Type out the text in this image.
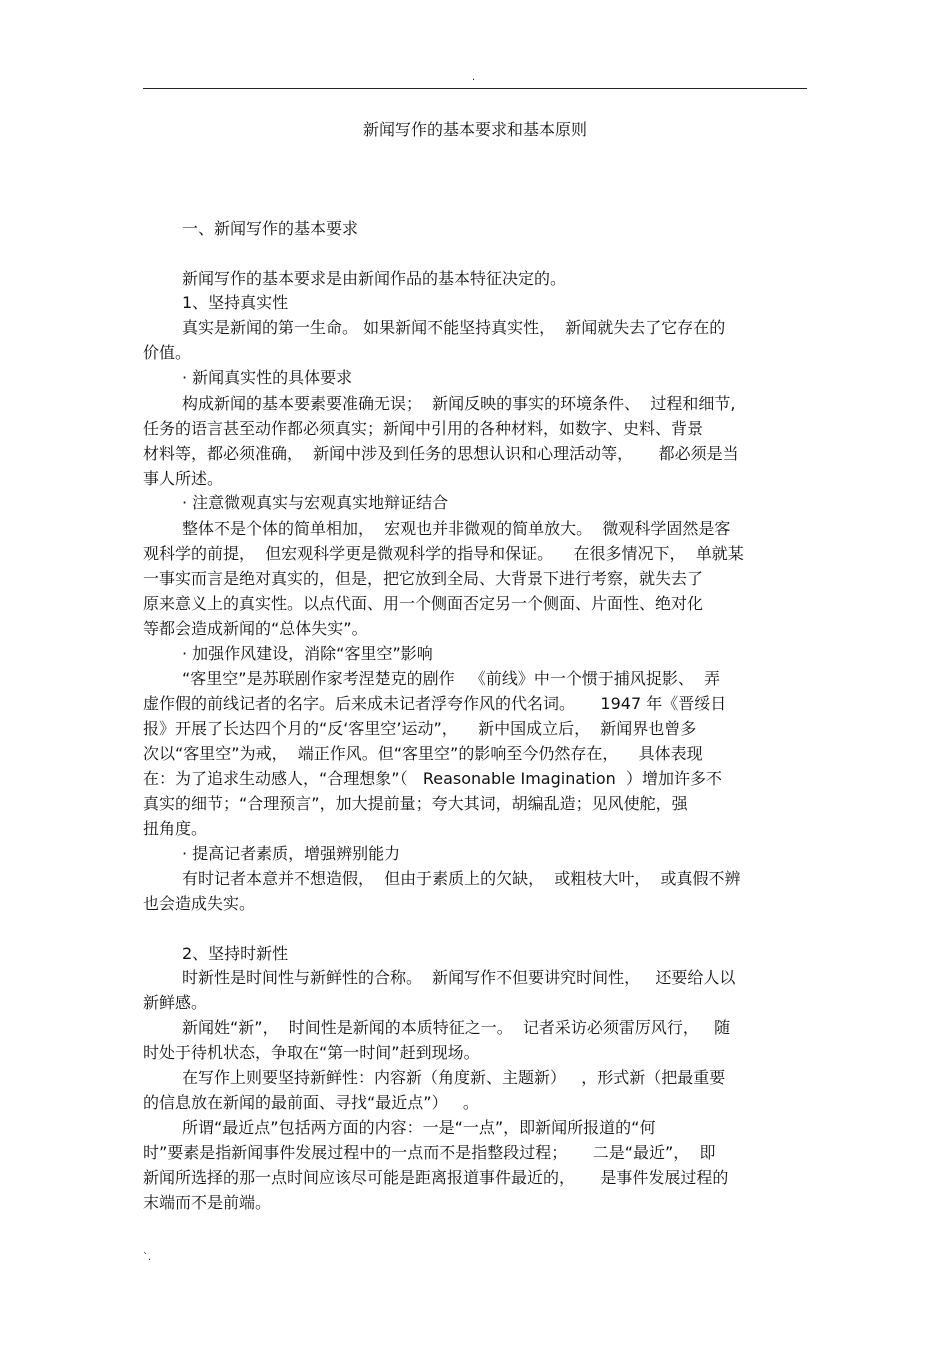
.
新闻写作的基本要求和基本原则
一、新闻写作的基本要求
新闻写作的基本要求是由新闻作品的基本特征决定的。
1、坚持真实性
真实是新闻的第一生命。 如果新闻不能坚持真实性，  新闻就失去了它存在的
价值。
· 新闻真实性的具体要求
构成新闻的基本要素要准确无误；  新闻反映的事实的环境条件、  过程和细节,
任务的语言甚至动作都必须真实；新闻中引用的各种材料，如数字、史料、背景
材料等，都必须准确，  新闻中涉及到任务的思想认识和心理活动等，     都必须是当
事人所述。
· 注意微观真实与宏观真实地辩证结合
整体不是个体的简单相加，  宏观也并非微观的简单放大。  微观科学固然是客
观科学的前提，  但宏观科学更是微观科学的指导和保证。    在很多情况下，  单就某
一事实而言是绝对真实的，但是，把它放到全局、大背景下进行考察，就失去了
原来意义上的真实性。以点代面、用一个侧面否定另一个侧面、片面性、绝对化
等都会造成新闻的“总体失实”。
· 加强作风建设，消除“客里空”影响
“客里空”是苏联剧作家考涅楚克的剧作   《前线》中一个惯于捕风捉影、  弄
虚作假的前线记者的名字。后来成未记者浮夸作风的代名词。     1947 年《晋绥日
报》开展了长达四个月的“反‘客里空’运动”，    新中国成立后，  新闻界也曾多
次以“客里空”为戒，  端正作风。但“客里空”的影响至今仍然存在，    具体表现
在：为了追求生动感人，“合理想象”（   Reasonable Imagination  ）增加许多不
真实的细节；“合理预言”，加大提前量；夸大其词，胡编乱造；见风使舵，强
扭角度。
· 提高记者素质，增强辨别能力
有时记者本意并不想造假，  但由于素质上的欠缺，  或粗枝大叶，  或真假不辨
也会造成失实。
2、坚持时新性
时新性是时间性与新鲜性的合称。  新闻写作不但要讲究时间性，   还要给人以
新鲜感。
新闻姓“新”，  时间性是新闻的本质特征之一。  记者采访必须雷厉风行，   随
时处于待机状态，争取在“第一时间”赶到现场。
在写作上则要坚持新鲜性：内容新（角度新、主题新）   ，形式新（把最重要
的信息放在新闻的最前面、寻找“最近点”）   。
所谓“最近点”包括两方面的内容：一是“一点”，即新闻所报道的“何
时”要素是指新闻事件发展过程中的一点而不是指整段过程；     二是“最近”，  即
新闻所选择的那一点时间应该尽可能是距离报道事件最近的，     是事件发展过程的
末端而不是前端。
`.
